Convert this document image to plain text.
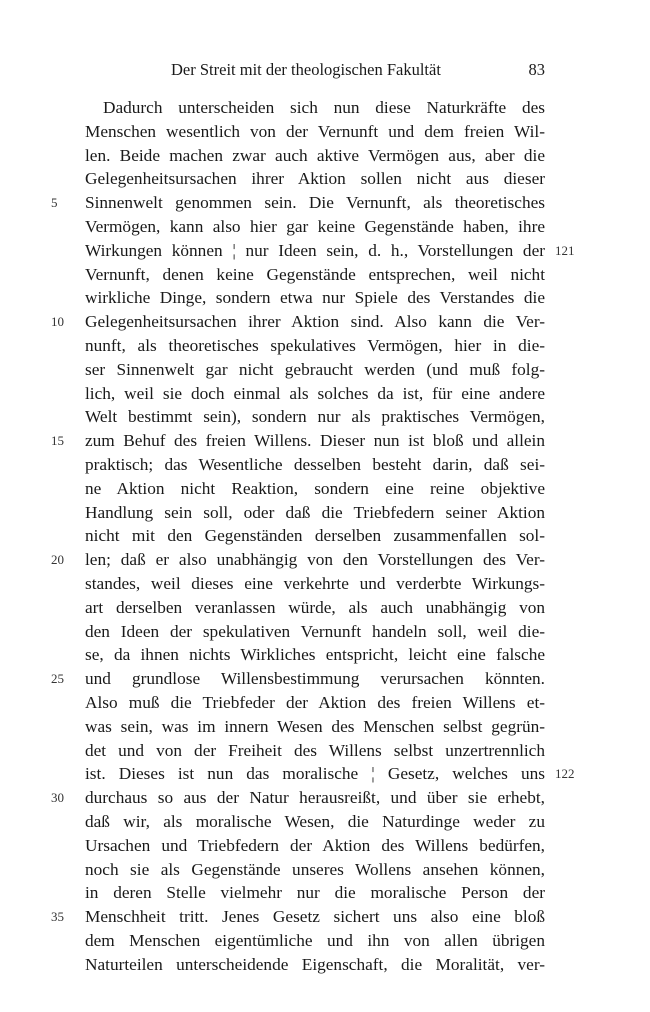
Der Streit mit der theologischen Fakultät	83
Dadurch unterscheiden sich nun diese Naturkräfte des
Menschen wesentlich von der Vernunft und dem freien Wil-
len. Beide machen zwar auch aktive Vermögen aus, aber die
Gelegenheitsursachen ihrer Aktion sollen nicht aus dieser
5	Sinnenwelt genommen sein. Die Vernunft, als theoretisches
Vermögen, kann also hier gar keine Gegenstände haben, ihre
Wirkungen können ¦ nur Ideen sein, d. h., Vorstellungen der 121
Vernunft, denen keine Gegenstände entsprechen, weil nicht
wirkliche Dinge, sondern etwa nur Spiele des Verstandes die
10	Gelegenheitsursachen ihrer Aktion sind. Also kann die Ver-
nunft, als theoretisches spekulatives Vermögen, hier in die-
ser Sinnenwelt gar nicht gebraucht werden (und muß folg-
lich, weil sie doch einmal als solches da ist, für eine andere
Welt bestimmt sein), sondern nur als praktisches Vermögen,
15	zum Behuf des freien Willens. Dieser nun ist bloß und allein
praktisch; das Wesentliche desselben besteht darin, daß sei-
ne Aktion nicht Reaktion, sondern eine reine objektive
Handlung sein soll, oder daß die Triebfedern seiner Aktion
nicht mit den Gegenständen derselben zusammenfallen sol-
20	len; daß er also unabhängig von den Vorstellungen des Ver-
standes, weil dieses eine verkehrte und verderbte Wirkungs-
art derselben veranlassen würde, als auch unabhängig von
den Ideen der spekulativen Vernunft handeln soll, weil die-
se, da ihnen nichts Wirkliches entspricht, leicht eine falsche
25	und grundlose Willensbestimmung verursachen könnten.
Also muß die Triebfeder der Aktion des freien Willens et-
was sein, was im innern Wesen des Menschen selbst gegrün-
det und von der Freiheit des Willens selbst unzertrennlich
ist. Dieses ist nun das moralische ¦ Gesetz, welches uns 122
30	durchaus so aus der Natur herausreißt, und über sie erhebt,
daß wir, als moralische Wesen, die Naturdinge weder zu
Ursachen und Triebfedern der Aktion des Willens bedürfen,
noch sie als Gegenstände unseres Wollens ansehen können,
in deren Stelle vielmehr nur die moralische Person der
35	Menschheit tritt. Jenes Gesetz sichert uns also eine bloß
dem Menschen eigentümliche und ihn von allen übrigen
Naturteilen unterscheidende Eigenschaft, die Moralität, ver-
